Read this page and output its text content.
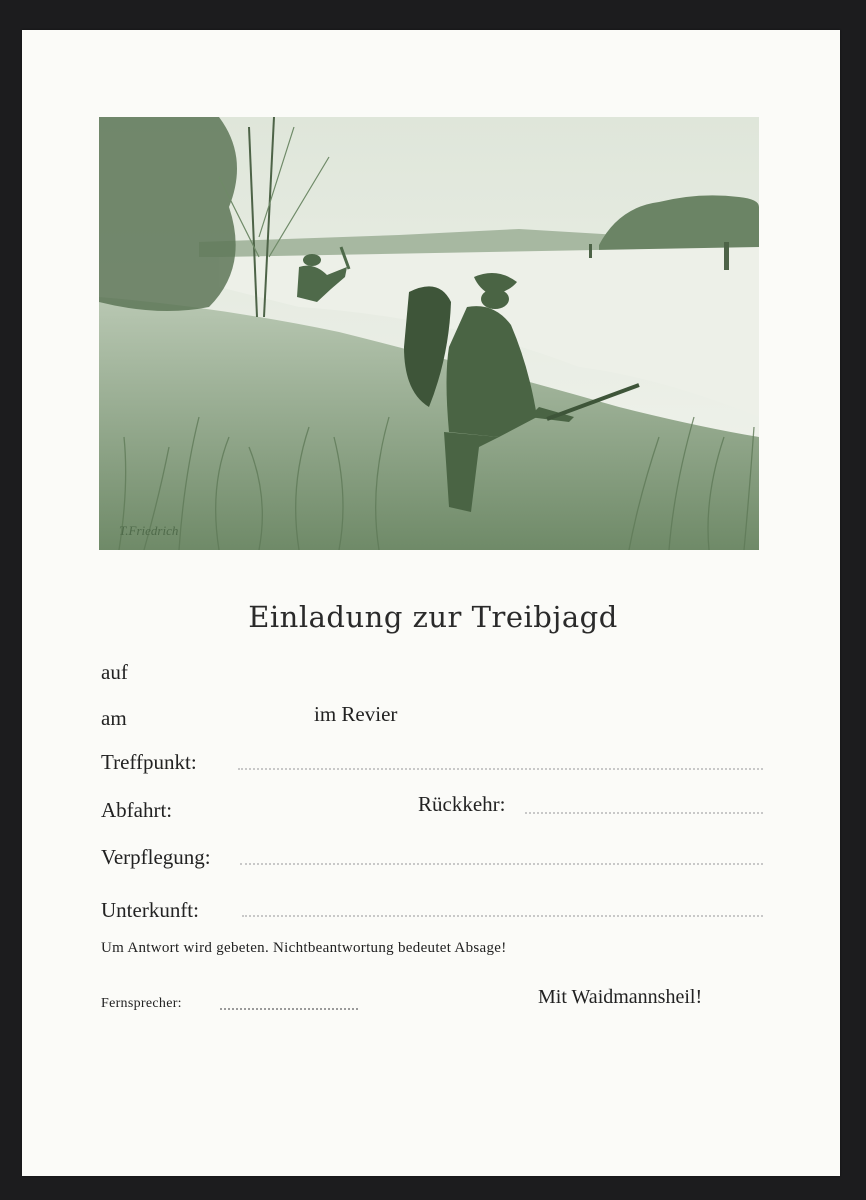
T.Friedrich
Einladung zur Treibjagd
auf
am	im Revier
Treffpunkt:
Abfahrt:	Rückkehr:
Verpflegung:
Unterkunft:
Um Antwort wird gebeten. Nichtbeantwortung bedeutet Absage!
Fernsprecher:	Mit Waidmannsheil!
